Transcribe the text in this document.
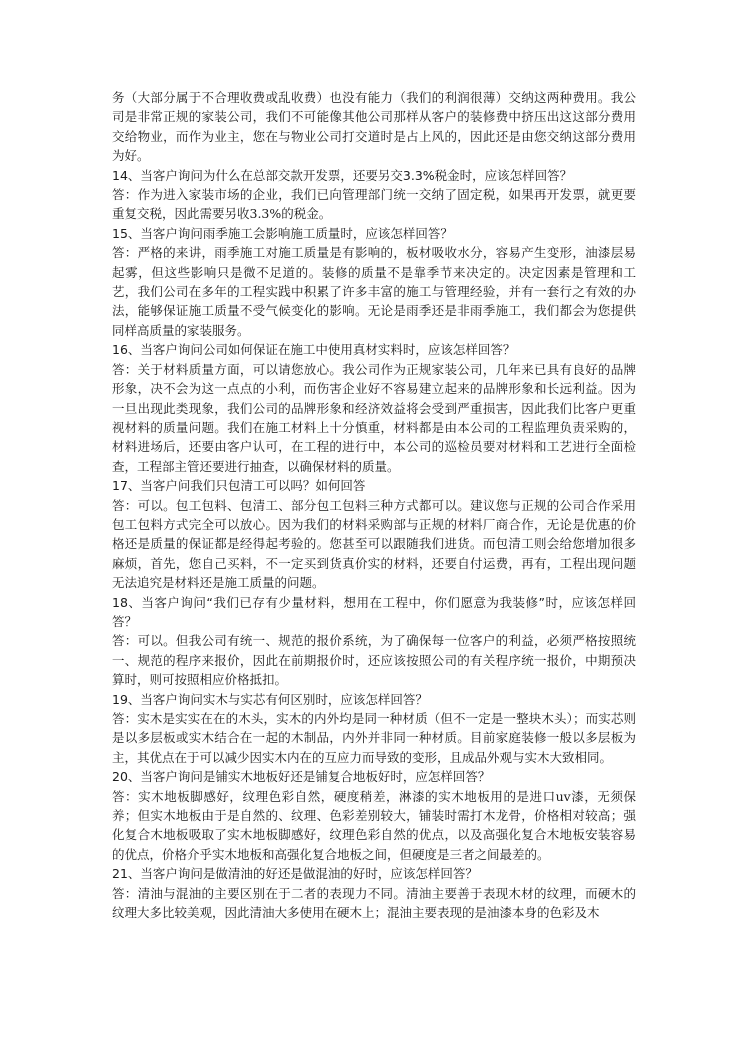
务（大部分属于不合理收费或乱收费）也没有能力（我们的利润很薄）交纳这两种费用。我公司是非常正规的家装公司，我们不可能像其他公司那样从客户的装修费中挤压出这这部分费用交给物业，而作为业主，您在与物业公司打交道时是占上风的，因此还是由您交纳这部分费用为好。

14、当客户询问为什么在总部交款开发票，还要另交3.3%税金时，应该怎样回答？

答：作为进入家装市场的企业，我们已向管理部门统一交纳了固定税，如果再开发票，就更要重复交税，因此需要另收3.3%的税金。

15、当客户询问雨季施工会影响施工质量时，应该怎样回答？

答：严格的来讲，雨季施工对施工质量是有影响的，板材吸收水分，容易产生变形，油漆层易起雾，但这些影响只是微不足道的。装修的质量不是靠季节来决定的。决定因素是管理和工艺，我们公司在多年的工程实践中积累了许多丰富的施工与管理经验，并有一套行之有效的办法，能够保证施工质量不受气候变化的影响。无论是雨季还是非雨季施工，我们都会为您提供同样高质量的家装服务。

16、当客户询问公司如何保证在施工中使用真材实料时，应该怎样回答？

答：关于材料质量方面，可以请您放心。我公司作为正规家装公司，几年来已具有良好的品牌形象，决不会为这一点点的小利，而伤害企业好不容易建立起来的品牌形象和长远利益。因为一旦出现此类现象，我们公司的品牌形象和经济效益将会受到严重损害，因此我们比客户更重视材料的质量问题。我们在施工材料上十分慎重，材料都是由本公司的工程监理负责采购的，材料进场后，还要由客户认可，在工程的进行中，本公司的巡检员要对材料和工艺进行全面检查，工程部主管还要进行抽查，以确保材料的质量。

17、当客户问我们只包清工可以吗？如何回答

答：可以。包工包料、包清工、部分包工包料三种方式都可以。建议您与正规的公司合作采用包工包料方式完全可以放心。因为我们的材料采购部与正规的材料厂商合作，无论是优惠的价格还是质量的保证都是经得起考验的。您甚至可以跟随我们进货。而包清工则会给您增加很多麻烦，首先，您自己买料，不一定买到货真价实的材料，还要自付运费，再有，工程出现问题无法追究是材料还是施工质量的问题。

18、当客户询问“我们已存有少量材料，想用在工程中，你们愿意为我装修”时，应该怎样回答？

答：可以。但我公司有统一、规范的报价系统，为了确保每一位客户的利益，必须严格按照统一、规范的程序来报价，因此在前期报价时，还应该按照公司的有关程序统一报价，中期预决算时，则可按照相应价格抵扣。

19、当客户询问实木与实芯有何区别时，应该怎样回答？

答：实木是实实在在的木头，实木的内外均是同一种材质（但不一定是一整块木头）；而实芯则是以多层板或实木结合在一起的木制品，内外并非同一种材质。目前家庭装修一般以多层板为主，其优点在于可以减少因实木内在的互应力而导致的变形，且成品外观与实木大致相同。

20、当客户询问是铺实木地板好还是铺复合地板好时，应怎样回答？

答：实木地板脚感好，纹理色彩自然，硬度稍差，淋漆的实木地板用的是进口uv漆，无须保养；但实木地板由于是自然的、纹理、色彩差别较大，铺装时需打木龙骨，价格相对较高；强化复合木地板吸取了实木地板脚感好，纹理色彩自然的优点，以及高强化复合木地板安装容易的优点，价格介乎实木地板和高强化复合地板之间，但硬度是三者之间最差的。

21、当客户询问是做清油的好还是做混油的好时，应该怎样回答？

答：清油与混油的主要区别在于二者的表现力不同。清油主要善于表现木材的纹理，而硬木的纹理大多比较美观，因此清油大多使用在硬木上；混油主要表现的是油漆本身的色彩及木
